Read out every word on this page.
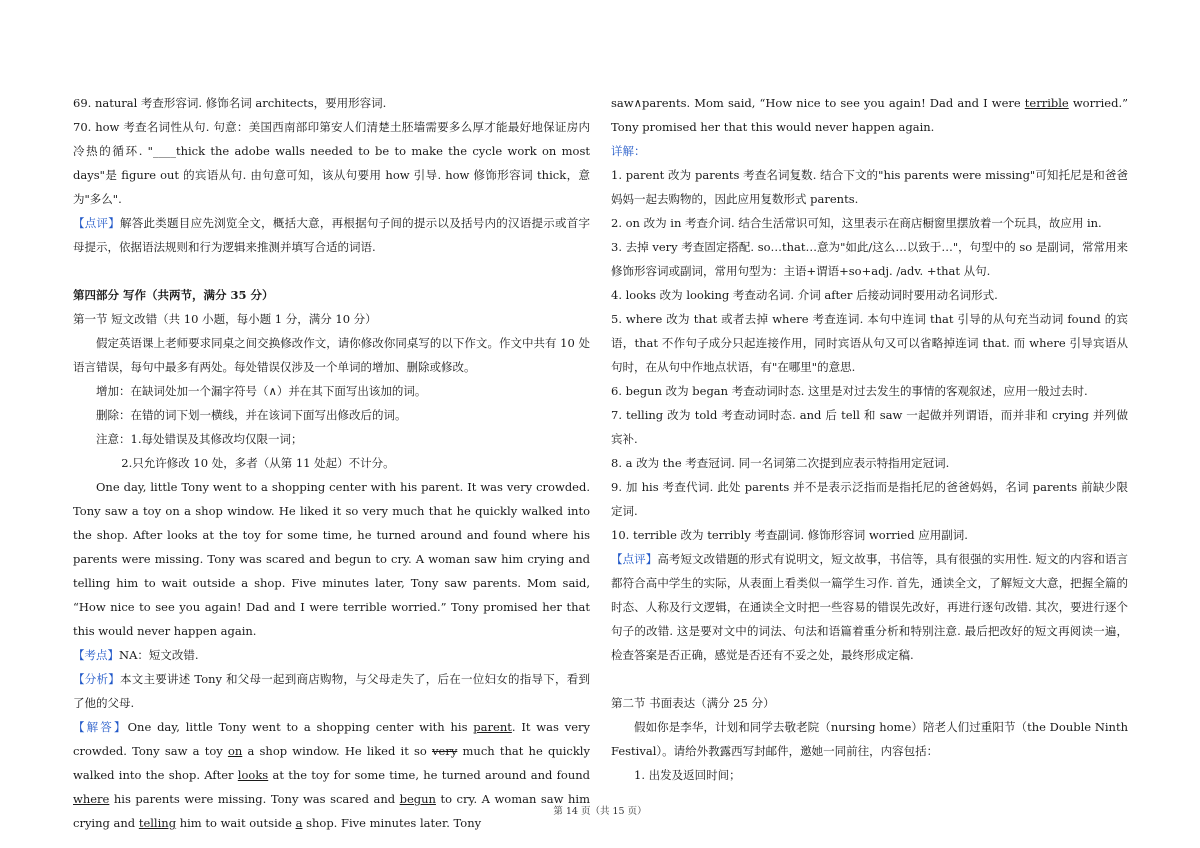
69. natural 考查形容词. 修饰名词 architects，要用形容词.

70. how 考查名词性从句. 句意：美国西南部印第安人们清楚土胚墙需要多么厚才能最好地保证房内冷热的循环. "____thick the adobe walls needed to be to make the cycle work on most days"是 figure out 的宾语从句. 由句意可知，该从句要用 how 引导. how 修饰形容词 thick，意为"多么".

【点评】解答此类题目应先浏览全文，概括大意，再根据句子间的提示以及括号内的汉语提示或首字母提示，依据语法规则和行为逻辑来推测并填写合适的词语.

第四部分 写作（共两节，满分 35 分）

第一节 短文改错（共 10 小题，每小题 1 分，满分 10 分）

假定英语课上老师要求同桌之间交换修改作文，请你修改你同桌写的以下作文。作文中共有 10 处语言错误，每句中最多有两处。每处错误仅涉及一个单词的增加、删除或修改。

增加：在缺词处加一个漏字符号（∧）并在其下面写出该加的词。

删除：在错的词下划一横线，并在该词下面写出修改后的词。

注意：1.每处错误及其修改均仅限一词；

2.只允许修改 10 处，多者（从第 11 处起）不计分。

One day, little Tony went to a shopping center with his parent. It was very crowded. Tony saw a toy on a shop window. He liked it so very much that he quickly walked into the shop. After looks at the toy for some time, he turned around and found where his parents were missing. Tony was scared and begun to cry. A woman saw him crying and telling him to wait outside a shop. Five minutes later, Tony saw parents. Mom said, “How nice to see you again! Dad and I were terrible worried.” Tony promised her that this would never happen again.

【考点】NA：短文改错.

【分析】本文主要讲述 Tony 和父母一起到商店购物，与父母走失了，后在一位妇女的指导下，看到了他的父母.

【解答】One day, little Tony went to a shopping center with his parent. It was very crowded. Tony saw a toy on a shop window. He liked it so very much that he quickly walked into the shop. After looks at the toy for some time, he turned around and found where his parents were missing. Tony was scared and begun to cry. A woman saw him crying and telling him to wait outside a shop. Five minutes later. Tony

saw∧parents. Mom said, “How nice to see you again! Dad and I were terrible worried.” Tony promised her that this would never happen again.

详解：

1. parent 改为 parents 考查名词复数. 结合下文的"his parents were missing"可知托尼是和爸爸妈妈一起去购物的，因此应用复数形式 parents.

2. on 改为 in 考查介词. 结合生活常识可知，这里表示在商店橱窗里摆放着一个玩具，故应用 in.

3. 去掉 very 考查固定搭配. so…that…意为"如此/这么…以致于…"，句型中的 so 是副词，常常用来修饰形容词或副词，常用句型为：主语+谓语+so+adj. /adv. +that 从句.

4. looks 改为 looking 考查动名词. 介词 after 后接动词时要用动名词形式.

5. where 改为 that 或者去掉 where 考查连词. 本句中连词 that 引导的从句充当动词 found 的宾语，that 不作句子成分只起连接作用，同时宾语从句又可以省略掉连词 that. 而 where 引导宾语从句时，在从句中作地点状语，有"在哪里"的意思.

6. begun 改为 began 考查动词时态. 这里是对过去发生的事情的客观叙述，应用一般过去时.

7. telling 改为 told 考查动词时态. and 后 tell 和 saw 一起做并列谓语，而并非和 crying 并列做宾补.

8. a 改为 the 考查冠词. 同一名词第二次提到应表示特指用定冠词.

9. 加 his 考查代词. 此处 parents 并不是表示泛指而是指托尼的爸爸妈妈，名词 parents 前缺少限定词.

10. terrible 改为 terribly 考查副词. 修饰形容词 worried 应用副词.

【点评】高考短文改错题的形式有说明文，短文故事，书信等，具有很强的实用性. 短文的内容和语言都符合高中学生的实际，从表面上看类似一篇学生习作. 首先，通读全文，了解短文大意，把握全篇的时态、人称及行文逻辑，在通读全文时把一些容易的错误先改好，再进行逐句改错. 其次，要进行逐个句子的改错. 这是要对文中的词法、句法和语篇着重分析和特别注意. 最后把改好的短文再阅读一遍，检查答案是否正确，感觉是否还有不妥之处，最终形成定稿.

第二节 书面表达（满分 25 分）

假如你是李华，计划和同学去敬老院（nursing home）陪老人们过重阳节（the Double Ninth Festival）。请给外教露西写封邮件，邀她一同前往，内容包括：

1. 出发及返回时间；

第 14 页（共 15 页）
